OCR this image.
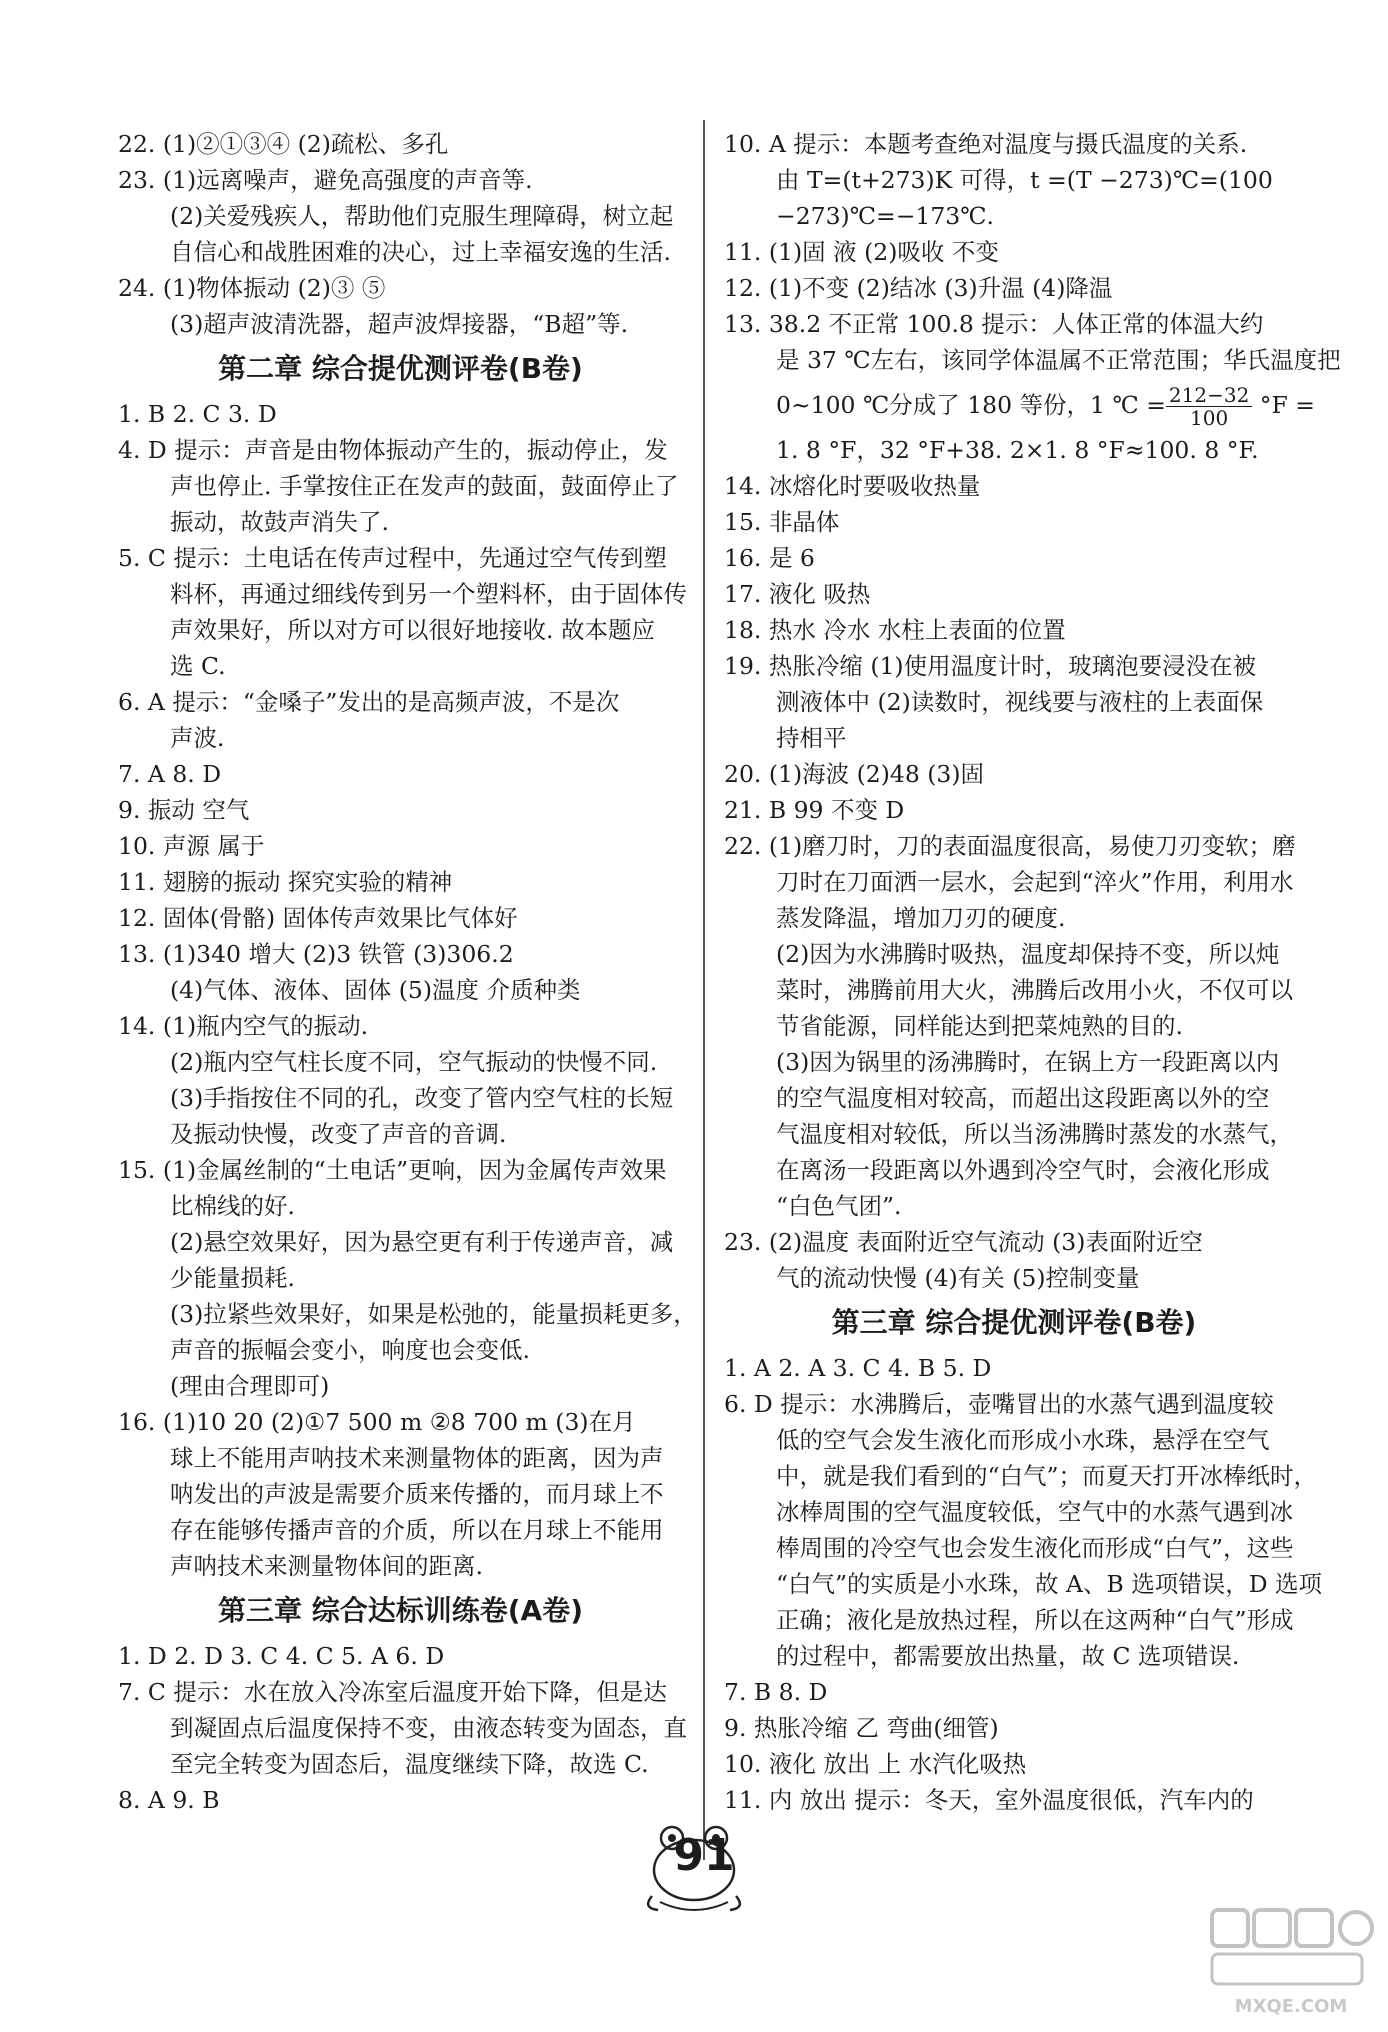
22. (1)②①③④ (2)疏松、多孔
23. (1)远离噪声，避免高强度的声音等.
(2)关爱残疾人，帮助他们克服生理障碍，树立起
自信心和战胜困难的决心，过上幸福安逸的生活.
24. (1)物体振动 (2)③ ⑤
(3)超声波清洗器，超声波焊接器，“B超”等.
第二章 综合提优测评卷(B卷)
1. B 2. C 3. D
4. D 提示：声音是由物体振动产生的，振动停止，发
声也停止. 手掌按住正在发声的鼓面，鼓面停止了
振动，故鼓声消失了.
5. C 提示：土电话在传声过程中，先通过空气传到塑
料杯，再通过细线传到另一个塑料杯，由于固体传
声效果好，所以对方可以很好地接收. 故本题应
选 C.
6. A 提示：“金嗓子”发出的是高频声波，不是次
声波.
7. A 8. D
9. 振动 空气
10. 声源 属于
11. 翅膀的振动 探究实验的精神
12. 固体(骨骼) 固体传声效果比气体好
13. (1)340 增大 (2)3 铁管 (3)306.2
(4)气体、液体、固体 (5)温度 介质种类
14. (1)瓶内空气的振动.
(2)瓶内空气柱长度不同，空气振动的快慢不同.
(3)手指按住不同的孔，改变了管内空气柱的长短
及振动快慢，改变了声音的音调.
15. (1)金属丝制的“土电话”更响，因为金属传声效果
比棉线的好.
(2)悬空效果好，因为悬空更有利于传递声音，减
少能量损耗.
(3)拉紧些效果好，如果是松弛的，能量损耗更多，
声音的振幅会变小，响度也会变低.
(理由合理即可)
16. (1)10 20 (2)①7 500 m ②8 700 m (3)在月
球上不能用声呐技术来测量物体的距离，因为声
呐发出的声波是需要介质来传播的，而月球上不
存在能够传播声音的介质，所以在月球上不能用
声呐技术来测量物体间的距离.
第三章 综合达标训练卷(A卷)
1. D 2. D 3. C 4. C 5. A 6. D
7. C 提示：水在放入冷冻室后温度开始下降，但是达
到凝固点后温度保持不变，由液态转变为固态，直
至完全转变为固态后，温度继续下降，故选 C.
8. A 9. B
10. A 提示：本题考查绝对温度与摄氏温度的关系.
由 T=(t+273)K 可得，t =(T −273)℃=(100
−273)℃=−173℃.
11. (1)固 液 (2)吸收 不变
12. (1)不变 (2)结冰 (3)升温 (4)降温
13. 38.2 不正常 100.8 提示：人体正常的体温大约
是 37 ℃左右，该同学体温属不正常范围；华氏温度把
0~100 ℃分成了 180 等份，1 ℃ = $\frac{212-32}{100} ^\circ F$ =
1. 8 °F，32 °F+38. 2×1. 8 °F≈100. 8 °F.
14. 冰熔化时要吸收热量
15. 非晶体
16. 是 6
17. 液化 吸热
18. 热水 冷水 水柱上表面的位置
19. 热胀冷缩 (1)使用温度计时，玻璃泡要浸没在被
测液体中 (2)读数时，视线要与液柱的上表面保
持相平
20. (1)海波 (2)48 (3)固
21. B 99 不变 D
22. (1)磨刀时，刀的表面温度很高，易使刀刃变软；磨
刀时在刀面洒一层水，会起到“淬火”作用，利用水
蒸发降温，增加刀刃的硬度.
(2)因为水沸腾时吸热，温度却保持不变，所以炖
菜时，沸腾前用大火，沸腾后改用小火，不仅可以
节省能源，同样能达到把菜炖熟的目的.
(3)因为锅里的汤沸腾时，在锅上方一段距离以内
的空气温度相对较高，而超出这段距离以外的空
气温度相对较低，所以当汤沸腾时蒸发的水蒸气，
在离汤一段距离以外遇到冷空气时，会液化形成
“白色气团”.
23. (2)温度 表面附近空气流动 (3)表面附近空
气的流动快慢 (4)有关 (5)控制变量
第三章 综合提优测评卷(B卷)
1. A 2. A 3. C 4. B 5. D
6. D 提示：水沸腾后，壶嘴冒出的水蒸气遇到温度较
低的空气会发生液化而形成小水珠，悬浮在空气
中，就是我们看到的“白气”；而夏天打开冰棒纸时，
冰棒周围的空气温度较低，空气中的水蒸气遇到冰
棒周围的冷空气也会发生液化而形成“白气”，这些
“白气”的实质是小水珠，故 A、B 选项错误，D 选项
正确；液化是放热过程，所以在这两种“白气”形成
的过程中，都需要放出热量，故 C 选项错误.
7. B 8. D
9. 热胀冷缩 乙 弯曲(细管)
10. 液化 放出 上 水汽化吸热
11. 内 放出 提示：冬天，室外温度很低，汽车内的
91
MXQE.COM
